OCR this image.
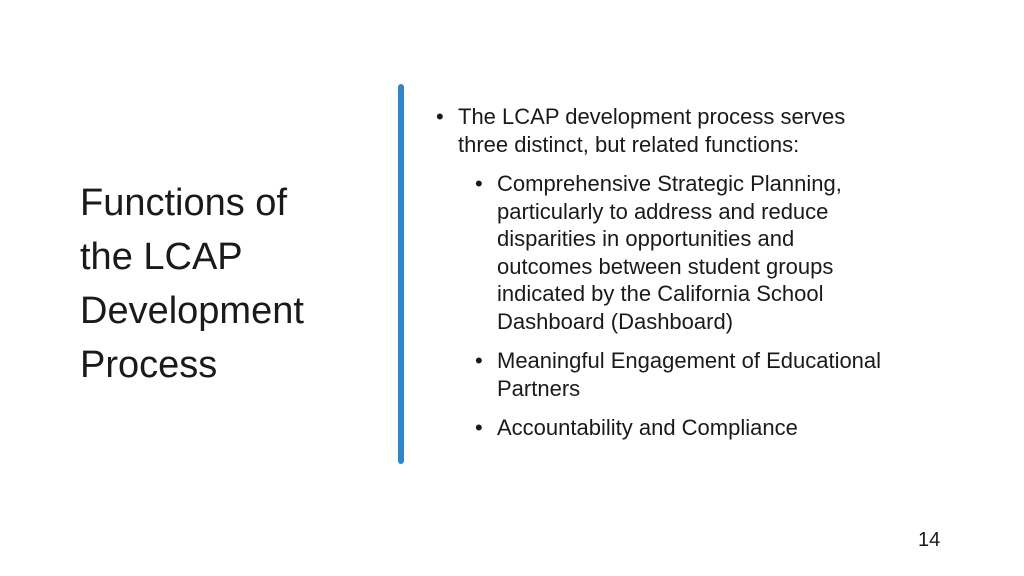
Functions of
the LCAP
Development
Process
• The LCAP development process serves
three distinct, but related functions:
• Comprehensive Strategic Planning,
particularly to address and reduce
disparities in opportunities and
outcomes between student groups
indicated by the California School
Dashboard (Dashboard)
• Meaningful Engagement of Educational
Partners
• Accountability and Compliance
14
